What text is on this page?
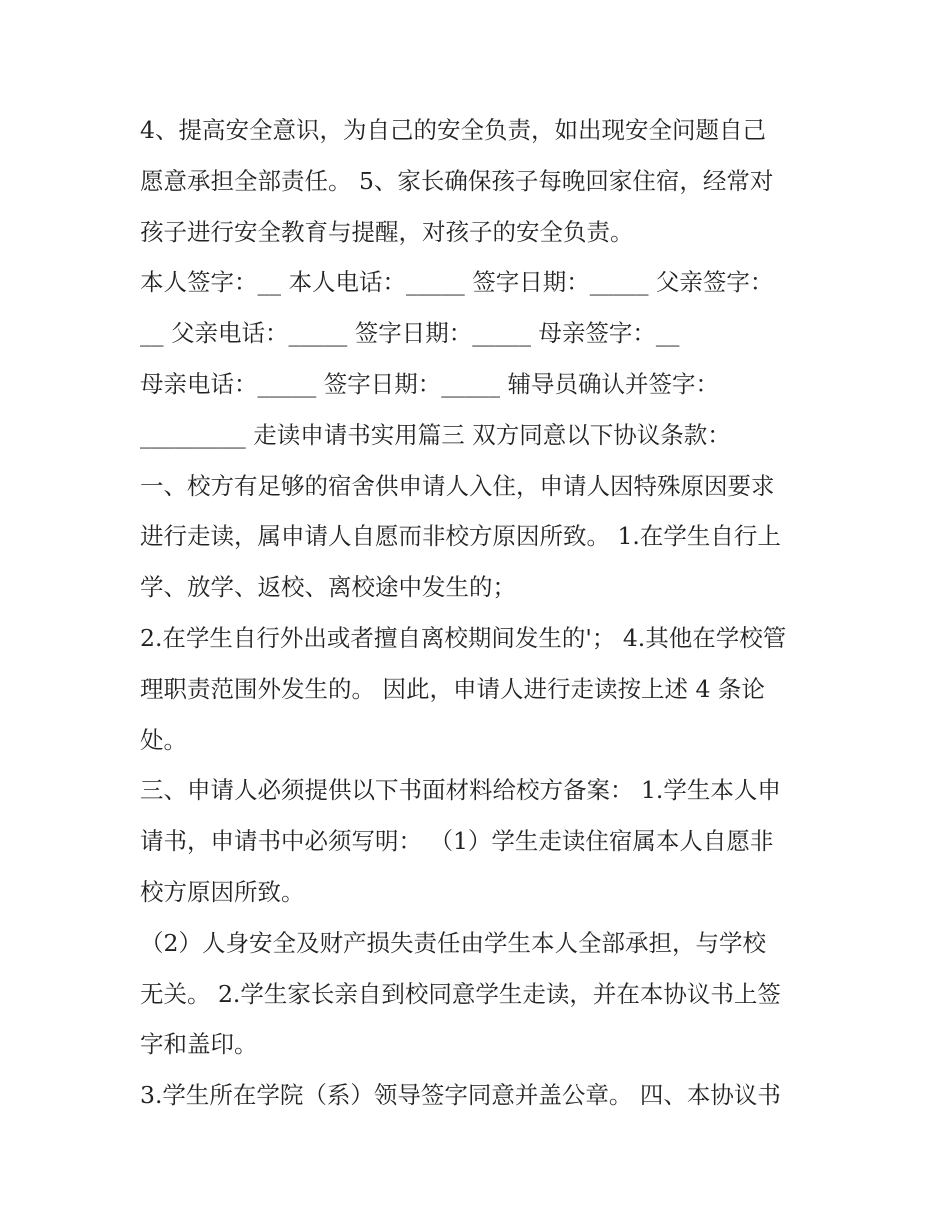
4、提高安全意识，为自己的安全负责，如出现安全问题自己
愿意承担全部责任。 5、家长确保孩子每晚回家住宿，经常对
孩子进行安全教育与提醒，对孩子的安全负责。
本人签字：__ 本人电话：_____ 签字日期：_____ 父亲签字：
__ 父亲电话：_____ 签字日期：_____ 母亲签字：__
母亲电话：_____ 签字日期：_____ 辅导员确认并签字：
_________ 走读申请书实用篇三 双方同意以下协议条款：
一、校方有足够的宿舍供申请人入住，申请人因特殊原因要求
进行走读，属申请人自愿而非校方原因所致。 1.在学生自行上
学、放学、返校、离校途中发生的；
2.在学生自行外出或者擅自离校期间发生的'； 4.其他在学校管
理职责范围外发生的。 因此，申请人进行走读按上述 4 条论
处。
三、申请人必须提供以下书面材料给校方备案： 1.学生本人申
请书，申请书中必须写明： （1）学生走读住宿属本人自愿非
校方原因所致。
（2）人身安全及财产损失责任由学生本人全部承担，与学校
无关。 2.学生家长亲自到校同意学生走读，并在本协议书上签
字和盖印。
3.学生所在学院（系）领导签字同意并盖公章。 四、本协议书
